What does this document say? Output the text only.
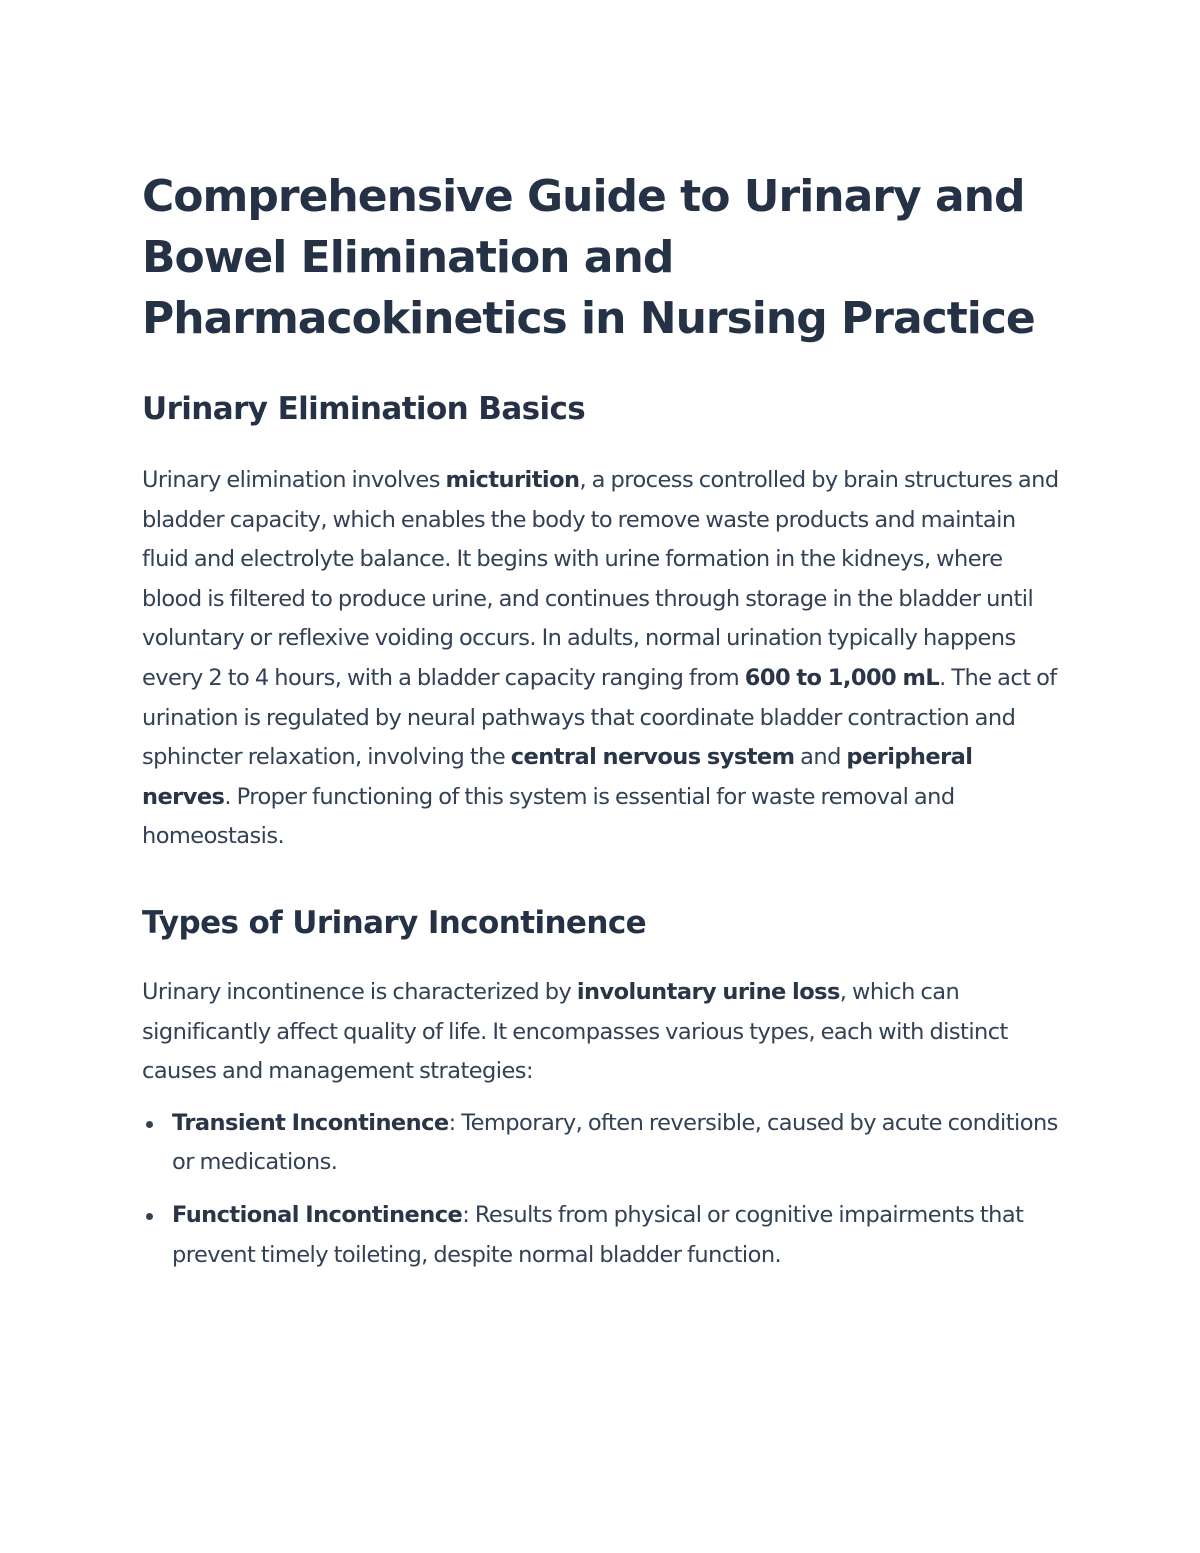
Comprehensive Guide to Urinary and Bowel Elimination and Pharmacokinetics in Nursing Practice
Urinary Elimination Basics

Urinary elimination involves micturition, a process controlled by brain structures and bladder capacity, which enables the body to remove waste products and maintain fluid and electrolyte balance. It begins with urine formation in the kidneys, where blood is filtered to produce urine, and continues through storage in the bladder until voluntary or reflexive voiding occurs. In adults, normal urination typically happens every 2 to 4 hours, with a bladder capacity ranging from 600 to 1,000 mL. The act of urination is regulated by neural pathways that coordinate bladder contraction and sphincter relaxation, involving the central nervous system and peripheral nerves. Proper functioning of this system is essential for waste removal and homeostasis.

Types of Urinary Incontinence

Urinary incontinence is characterized by involuntary urine loss, which can significantly affect quality of life. It encompasses various types, each with distinct causes and management strategies:

Transient Incontinence: Temporary, often reversible, caused by acute conditions or medications.
Functional Incontinence: Results from physical or cognitive impairments that prevent timely toileting, despite normal bladder function.
